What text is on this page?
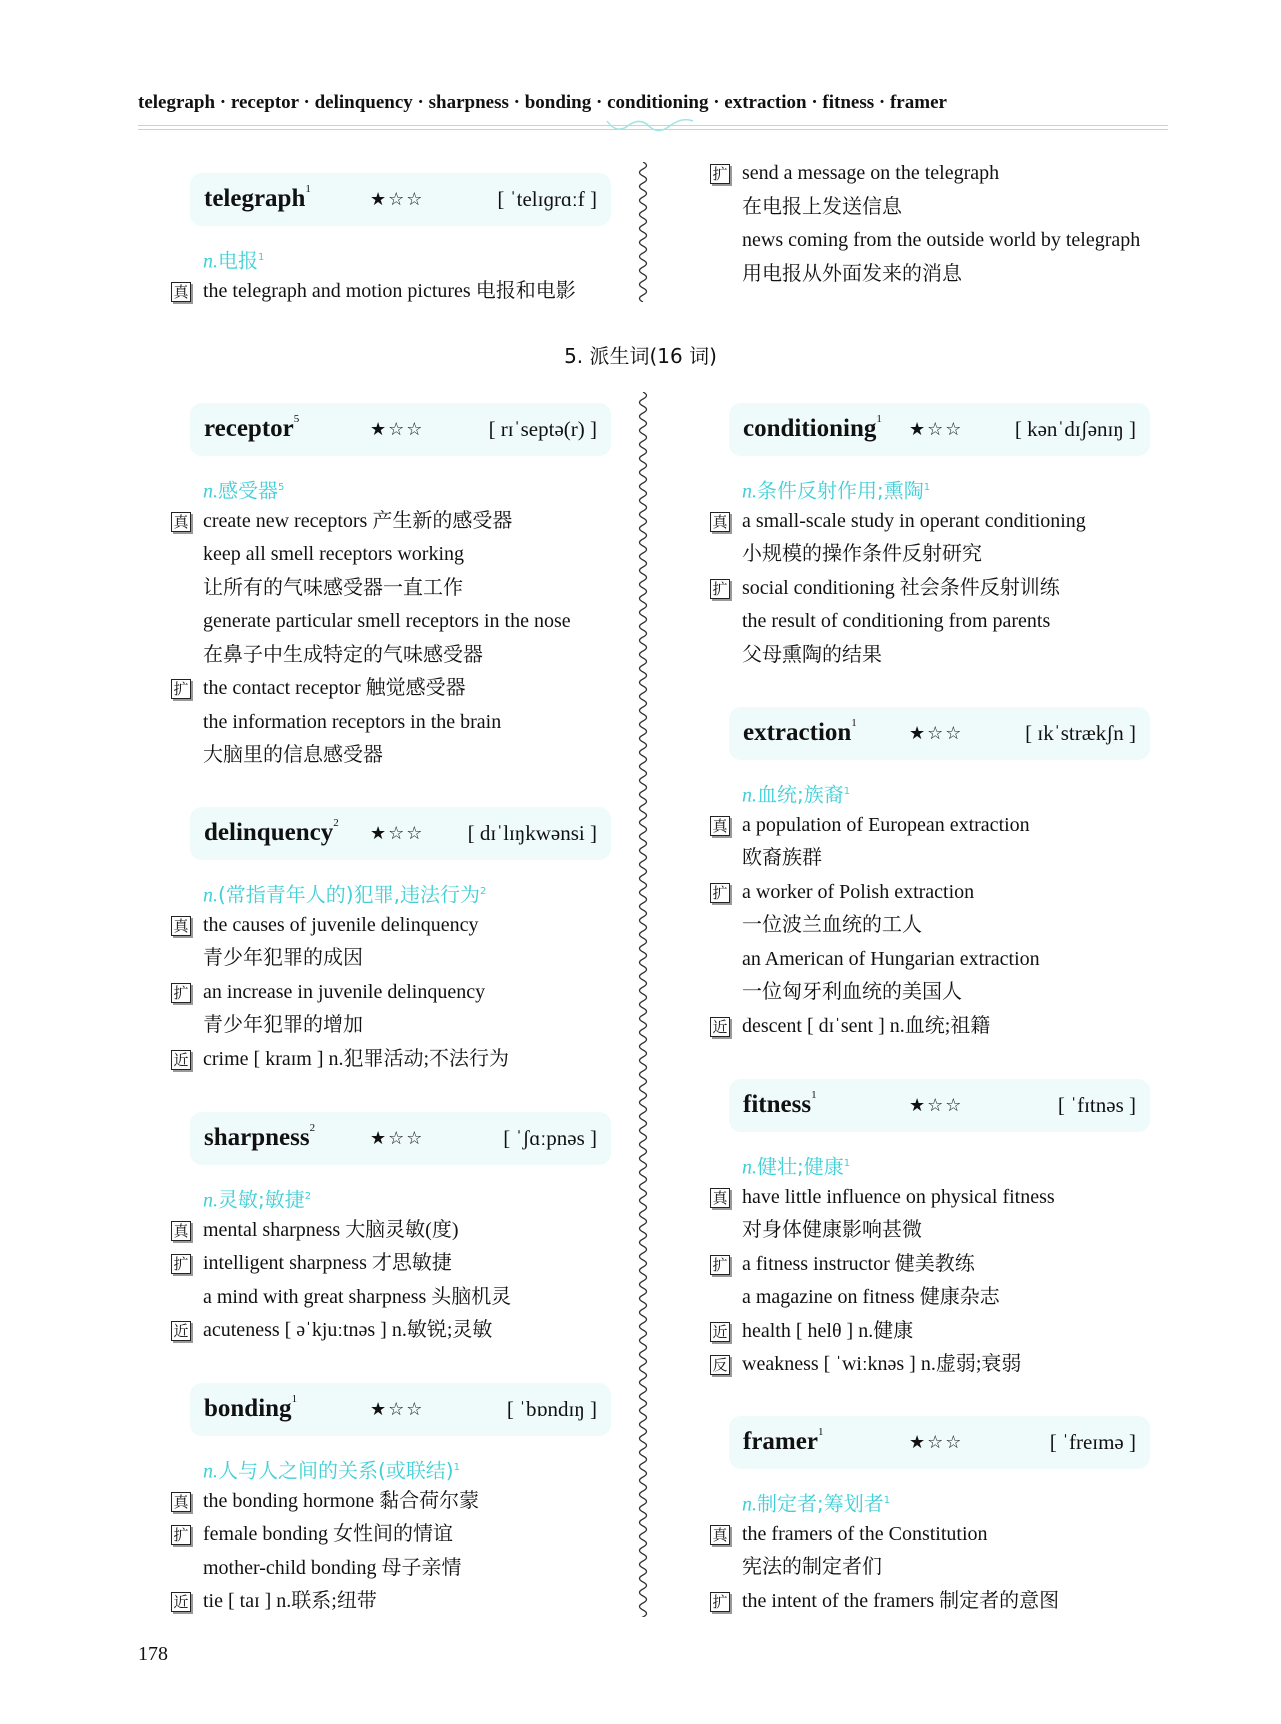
telegraph · receptor · delinquency · sharpness · bonding · conditioning · extraction · fitness · framer
telegraph$^1$	★☆☆	[ ˈtelɪɡrɑːf ]
n.电报$^1$
真 the telegraph and motion pictures 电报和电影
receptor$^5$	★☆☆	[ rɪˈseptə(r) ]
n.感受器$^5$
真 create new receptors 产生新的感受器
keep all smell receptors working
让所有的气味感受器一直工作
generate particular smell receptors in the nose
在鼻子中生成特定的气味感受器
扩 the contact receptor 触觉感受器
the information receptors in the brain
大脑里的信息感受器
delinquency$^2$ ★☆☆ [ dɪˈlɪŋkwənsi ]
n.(常指青年人的)犯罪,违法行为$^2$
真 the causes of juvenile delinquency
青少年犯罪的成因
扩 an increase in juvenile delinquency
青少年犯罪的增加
近 crime [ kraɪm ] n.犯罪活动;不法行为
sharpness$^2$	★☆☆	[ ˈʃɑːpnəs ]
n.灵敏;敏捷$^2$
真 mental sharpness 大脑灵敏(度)
扩 intelligent sharpness 才思敏捷
a mind with great sharpness 头脑机灵
近 acuteness [ əˈkjuːtnəs ] n.敏锐;灵敏
bonding$^1$	★☆☆	[ ˈbɒndɪŋ ]
n.人与人之间的关系(或联结)$^1$
真 the bonding hormone 黏合荷尔蒙
扩 female bonding 女性间的情谊
mother-child bonding 母子亲情
近 tie [ taɪ ] n.联系;纽带
conditioning$^1$ ★☆☆ [ kənˈdɪʃənɪŋ ]
n.条件反射作用;熏陶$^1$
真 a small-scale study in operant conditioning
小规模的操作条件反射研究
扩 social conditioning 社会条件反射训练
the result of conditioning from parents
父母熏陶的结果
extraction$^1$	★☆☆	[ ɪkˈstrækʃn ]
n.血统;族裔$^1$
真 a population of European extraction
欧裔族群
扩 a worker of Polish extraction
一位波兰血统的工人
an American of Hungarian extraction
一位匈牙利血统的美国人
近 descent [ dɪˈsent ] n.血统;祖籍
fitness$^1$	★☆☆	[ ˈfɪtnəs ]
n.健壮;健康$^1$
真 have little influence on physical fitness
对身体健康影响甚微
扩 a fitness instructor 健美教练
a magazine on fitness 健康杂志
近 health [ helθ ] n.健康
反 weakness [ ˈwiːknəs ] n.虚弱;衰弱
framer$^1$	★☆☆	[ ˈfreɪmə ]
n.制定者;筹划者$^1$
真 the framers of the Constitution
宪法的制定者们
扩 the intent of the framers 制定者的意图
扩 send a message on the telegraph
在电报上发送信息
news coming from the outside world by telegraph
用电报从外面发来的消息
5. 派生词(16 词)
178
